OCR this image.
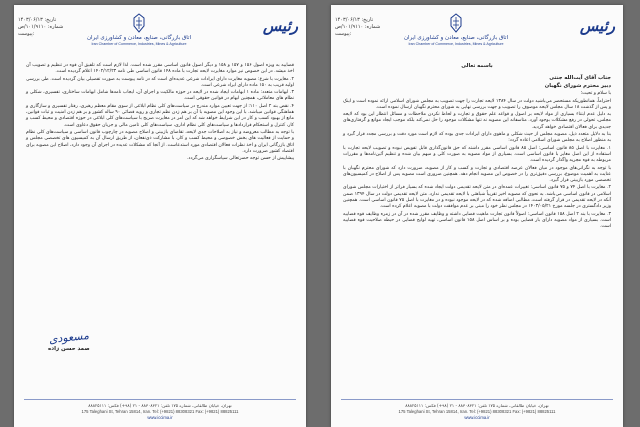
تاریخ: ۱۴۰۳/۰۶/۱۳
شماره: ۱۰۱/۹۱۱۰/ص
پیوست:
اتاق بازرگانی، صنایع، معادن و کشاورزی ایران
Iran Chamber of Commerce, Industries, Mines & Agriculture
رئیس

قضاییه به ویژه اصول ۱۵۶ و ۱۵۷ و ۱۵۸ و دیگر اصول قانون اساسی مقرر شده است. لذا لازم است که تلفیق آن قوه در تنظیم و تصویب آن اخذ میشد. در این خصوص نیز موارد مغایرت لایحه تجارت با ماده ۱۴۸ قانون اساسی طی نامه ۱۴۰۲/۱۲/۲۳ اعلام گردیده است.

۲. مغایرت با شرع: مصوبه مغایرت دارای ایرادات شرعی عدیده‌ای است که در نامه پیوست به صورت تفصیلی بیان گردیده است. طی بررسی اولیه قریب به ۱۵۰ ماده دارای ایراد شرعی است.

۳. ابهامات متعدد: ماده ۱ ابهامات ایجاد شده در لایحه در حوزه مالکیت و اجرای آن، ایجاب نامه‌ها شامل ابهامات ساختاری، تفسیری، شکلی و نظام های معاملاتی، همچنین ابهام در قوانین حقوقی است.

۴. نقض بند ۲ اصل ۱۱۰: از جهت تعیین موارد مندرج در سیاست‌های کلی نظام ابلاغی از سوی مقام معظم رهبری، رفتار تفسیری و سازگاری و هماهنگی قوانین میباشد. با این وجود این مصوبه با آن بر هم زدن نظم تجاری و رویه قضائی ۹۰ ساله کشور و بر هم زدن امنیت و ثبات قوانین، مانع از بهبود کسب و کار در این شرایط خواهد شد که این امر در مغایرت صریح با سیاست‌های کلی ابلاغی در حوزه اقتصادی و محیط کسب و کار، کنترل و استحکام قراردادها و سیاست‌های کلی نظام اداری، سیاست‌های کلی تامین مالی و جریان حقوق دعاوی است.

با توجه به مطالب معروضه و نیاز به اصلاحات جدی لایحه، تقاضای بازبینی و اصلاح مصوبه در چارچوب قانون اساسی و سیاست‌های کلی نظام و حمایت از فعالیت های بخش خصوصی و محیط کسب و کار، با مشارکت ذی‌نفعان، از طریق ارسال آن به کمیسیون های تخصصی مجلس و اتاق بازرگانی ایران و اخذ نظرات فعالان اقتصادی مورد استدعاست. از آنجا که مشکلات عدیده در اجرای آن وجود دارد، اصلاح این مصوبه برای اقتصاد کشور ضرورت دارد.

پیشاپیش از حسن توجه حضرتعالی سپاسگزاری می‌گردد.

مسعودی
صمد حسن زاده
تهران، خیابان طالقانی، شماره ۱۷۵ تلفن: ۸۸۳۰۸۳۲۱ - ۲۱ (۹۸+) فکس: ۸۸۸۲۵۱۱۱
175 Taleghani St, Tehran 15814, Iran. Tel: (+9821) 88308321 Fax: (+9821) 88825111
www.iccima.ir
تاریخ: ۱۴۰۳/۰۶/۱۳
شماره: ۱۰۱/۹۱۱۰/ص
پیوست:
اتاق بازرگانی، صنایع، معادن و کشاورزی ایران
Iran Chamber of Commerce, Industries, Mines & Agriculture
رئیس

باسمه تعالی

جناب آقای آیت‌الله جنتی

دبیر محترم شورای نگهبان

با سلام و تحیت؛

احتراماً، همانطوریکه مستحضر می‌باشید دولت در سال ۱۳۸۴ لایحه تجارت را جهت تصویب به مجلس شورای اسلامی ارائه نموده است و اینک و پس از گذشت ۱۸ سال مجلس لایحه موصوف را تصویب و جهت بررسی نهایی به شورای محترم نگهبان ارسال نموده است.

به دلیل عدم ابتناء بسیاری از مواد لایحه بر اصول و قواعد علم حقوق و تجارت و لحاظ نکردن ملاحظات و مسائل انتظار این بود که لایحه مجلس، تحولی در رفع مشکلات بوجود آورد. متاسفانه این مصوبه نه تنها مشکلات موجود را حل نمی‌کند بلکه موجب ایجاد موانع و گرفتاری‌های جدیدی برای فعالان اقتصادی خواهد گردید.

بنا به دلایل متعدد ذیل، مصوبه مجلس از حیث شکلی و ماهوی دارای ایرادات جدی بوده که لازم است مورد دقت و بررسی مجدد قرار گیرد و به منظور اصلاح به مجلس شورای اسلامی اعاده گردد:

۱. مغایرت با اصل ۸۵ قانون اساسی: اصل ۸۵ قانون اساسی مقرر داشته که حق قانون‌گذاری قابل تفویض نبوده و تصویب لایحه تجارت با استفاده از این اصل مغایر با قانون اساسی است. بسیاری از مواد مصوبه به صورت کلی و مبهم بیان شده و تنظیم آئین‌نامه‌ها و مقررات مربوطه به قوه مجریه واگذار گردیده است.

با توجه به نگرانی‌های موجود در میان فعالان عرصه اقتصادی و تجارت و کسب و کار از مصوبه، ضرورت دارد که شورای محترم نگهبان با عنایت به اهمیت موضوع، بررسی دقیق‌تری را در خصوص این مصوبه انجام دهد. همچنین ضروری است مصوبه پس از اصلاح در کمیسیون‌های تخصصی مورد بازبینی قرار گیرد.

۲. مغایرت با اصل ۷۴ و ۷۵ قانون اساسی: تغییرات عمده‌ای در متن لایحه تقدیمی دولت ایجاد شده که بسیار فراتر از اختیارات مجلس شورای اسلامی در قانون اساسی می‌باشد. به نحوی که مصوبه اخیر تقریباً شباهتی با لایحه تقدیمی ندارد. متن لایحه تقدیمی دولت در سال ۱۳۹۴ ضمن آنکه در لایحه تقدیمی در قرار گرفته است، مطالبی اضافه شده که در لایحه موجود نبوده و در مغایرت با اصل ۷۵ قانون اساسی است. همچنین وزیر دادگستری در جلسه مورخ ۱۴۰۳/۰۵/۲۱ در مجلس نظر خود را مبنی بر عدم موافقت دولت با مصوبه اعلام کرده است.

۳. مغایرت با بند ۲ اصل ۱۵۸ قانون اساسی: اصولاً قانون تجارت ماهیت قضایی داشته و وظایف مقرر شده در آن در زمره وظایف قوه قضاییه است. بسیاری از مواد مصوبه دارای بار قضایی بوده و بر اساس اصل ۱۵۸ قانون اساسی، تهیه لوایح قضایی در حیطه صلاحیت قوه قضاییه است.

تهران، خیابان طالقانی، شماره ۱۷۵ تلفن: ۸۸۳۰۸۳۲۱ - ۲۱ (۹۸+) فکس: ۸۸۸۲۵۱۱۱
175 Taleghani St, Tehran 15814, Iran. Tel: (+9821) 88308321 Fax: (+9821) 88825111
www.iccima.ir
